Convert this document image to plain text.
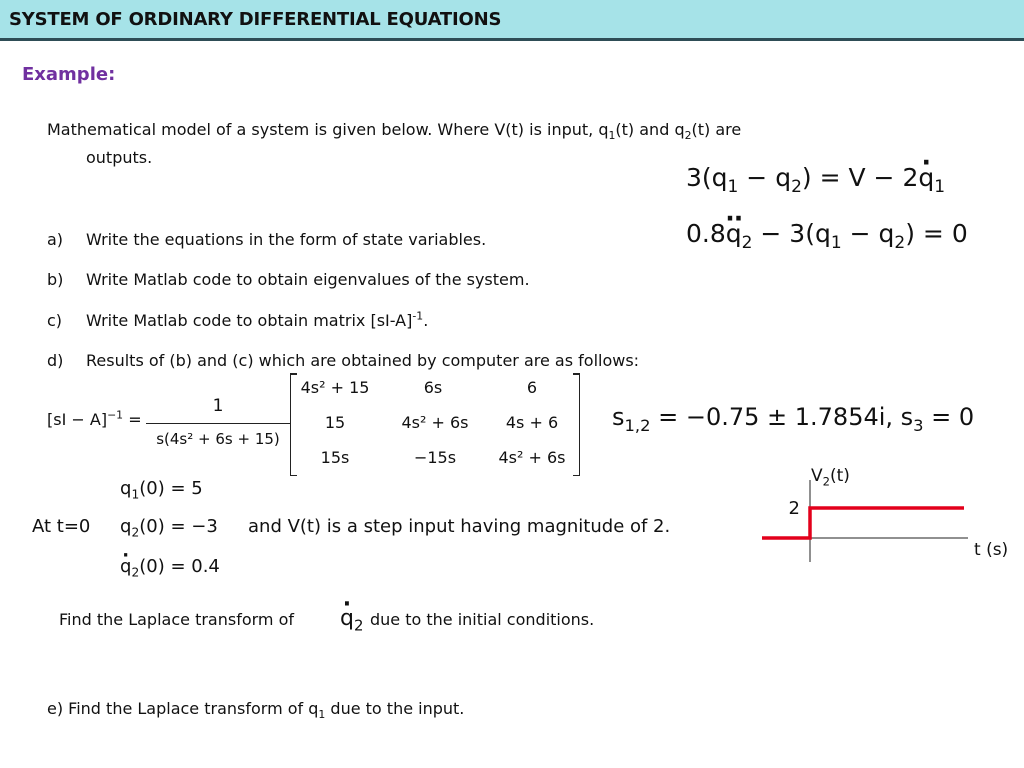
SYSTEM OF ORDINARY DIFFERENTIAL EQUATIONS
Example:
Mathematical model of a system is given below. Where V(t) is input, $q_1(t)$ and $q_2(t)$ are
outputs.
$3(q_1 - q_2) = V - 2q \cdot_1$
$0.8q \cdot\cdot_2 - 3(q_1 - q_2) = 0$
a) Write the equations in the form of state variables.
b) Write Matlab code to obtain eigenvalues of the system.
c) Write Matlab code to obtain matrix $[sI-A]^{-1}$.
d) Results of (b) and (c) which are obtained by computer are as follows:
[sI − A]$^{-1}$ =
1
s(4s² + 6s + 15)
4s² + 15	6s	6
15	4s² + 6s	4s + 6
15s	−15s	4s² + 6s
$s_{1,2} = -0.75 \pm 1.7854i$, $s_3 = 0$
$q_1(0) = 5$
At t=0 $q_2(0) = -3$ and V(t) is a step input having magnitude of 2.
$q \cdot_2(0) = 0.4$
2
$V_2(t)$
t (s)
Find the Laplace transform of $q \cdot_2$ due to the initial conditions.
e) Find the Laplace transform of $q_1$ due to the input.
